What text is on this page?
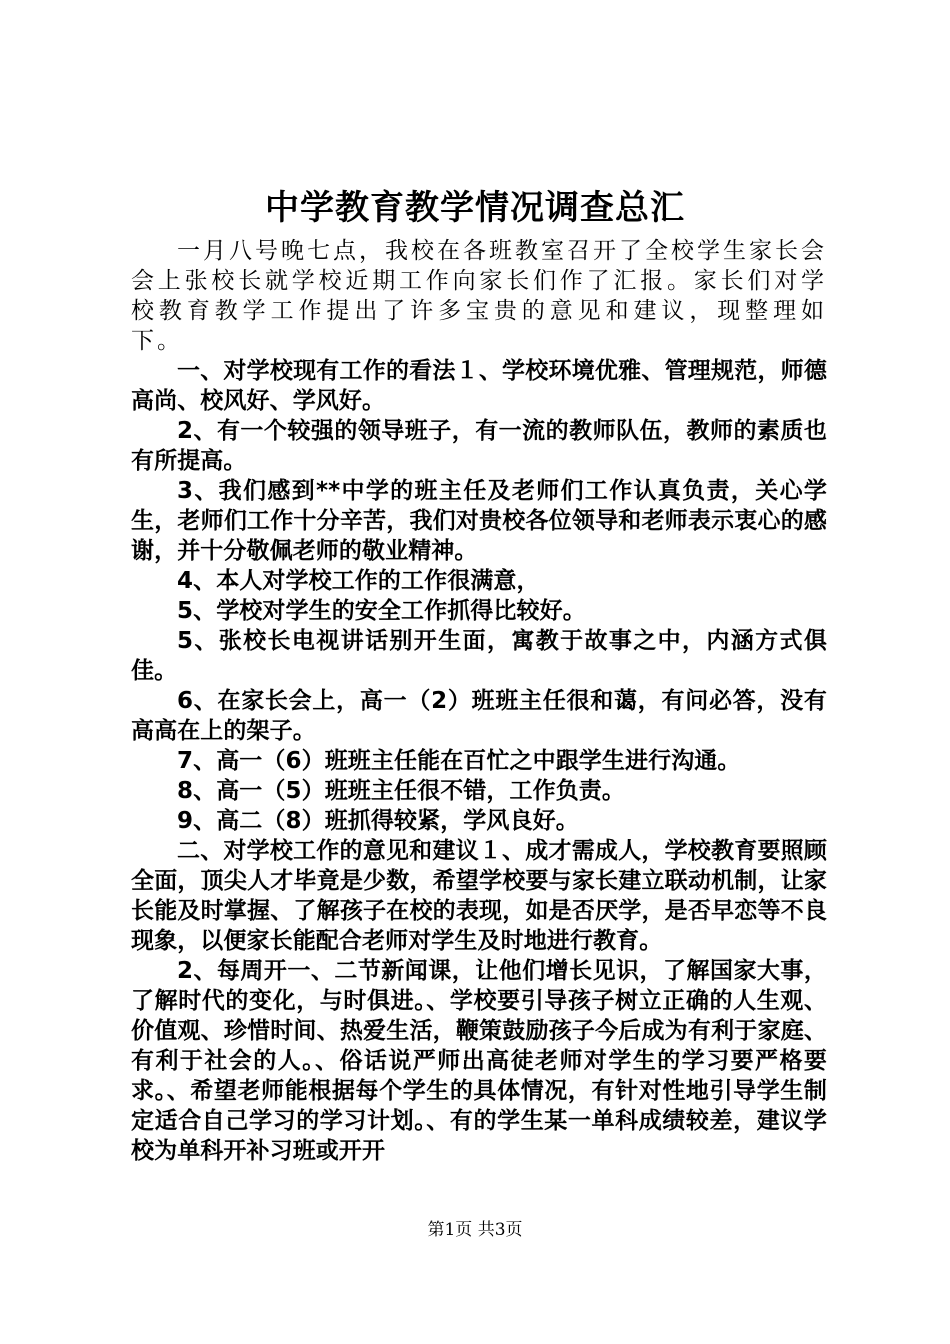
中学教育教学情况调查总汇

一月八号晚七点，我校在各班教室召开了全校学生家长会会上张校长就学校近期工作向家长们作了汇报。家长们对学校教育教学工作提出了许多宝贵的意见和建议，现整理如下。

一、对学校现有工作的看法１、学校环境优雅、管理规范，师德高尚、校风好、学风好。

2、有一个较强的领导班子，有一流的教师队伍，教师的素质也有所提高。

3、我们感到**中学的班主任及老师们工作认真负责，关心学生，老师们工作十分辛苦，我们对贵校各位领导和老师表示衷心的感谢，并十分敬佩老师的敬业精神。

4、本人对学校工作的工作很满意，

5、学校对学生的安全工作抓得比较好。

5、张校长电视讲话别开生面，寓教于故事之中，内涵方式俱佳。

6、在家长会上，高一（2）班班主任很和蔼，有问必答，没有高高在上的架子。

7、高一（6）班班主任能在百忙之中跟学生进行沟通。

8、高一（5）班班主任很不错，工作负责。

9、高二（8）班抓得较紧，学风良好。

二、对学校工作的意见和建议１、成才需成人，学校教育要照顾全面，顶尖人才毕竟是少数，希望学校要与家长建立联动机制，让家长能及时掌握、了解孩子在校的表现，如是否厌学，是否早恋等不良现象，以便家长能配合老师对学生及时地进行教育。

2、每周开一、二节新闻课，让他们增长见识，了解国家大事，了解时代的变化，与时俱进。、学校要引导孩子树立正确的人生观、价值观、珍惜时间、热爱生活，鞭策鼓励孩子今后成为有利于家庭、有利于社会的人。、俗话说严师出高徒老师对学生的学习要严格要求。、希望老师能根据每个学生的具体情况，有针对性地引导学生制定适合自己学习的学习计划。、有的学生某一单科成绩较差，建议学校为单科开补习班或开开

第1页 共3页
